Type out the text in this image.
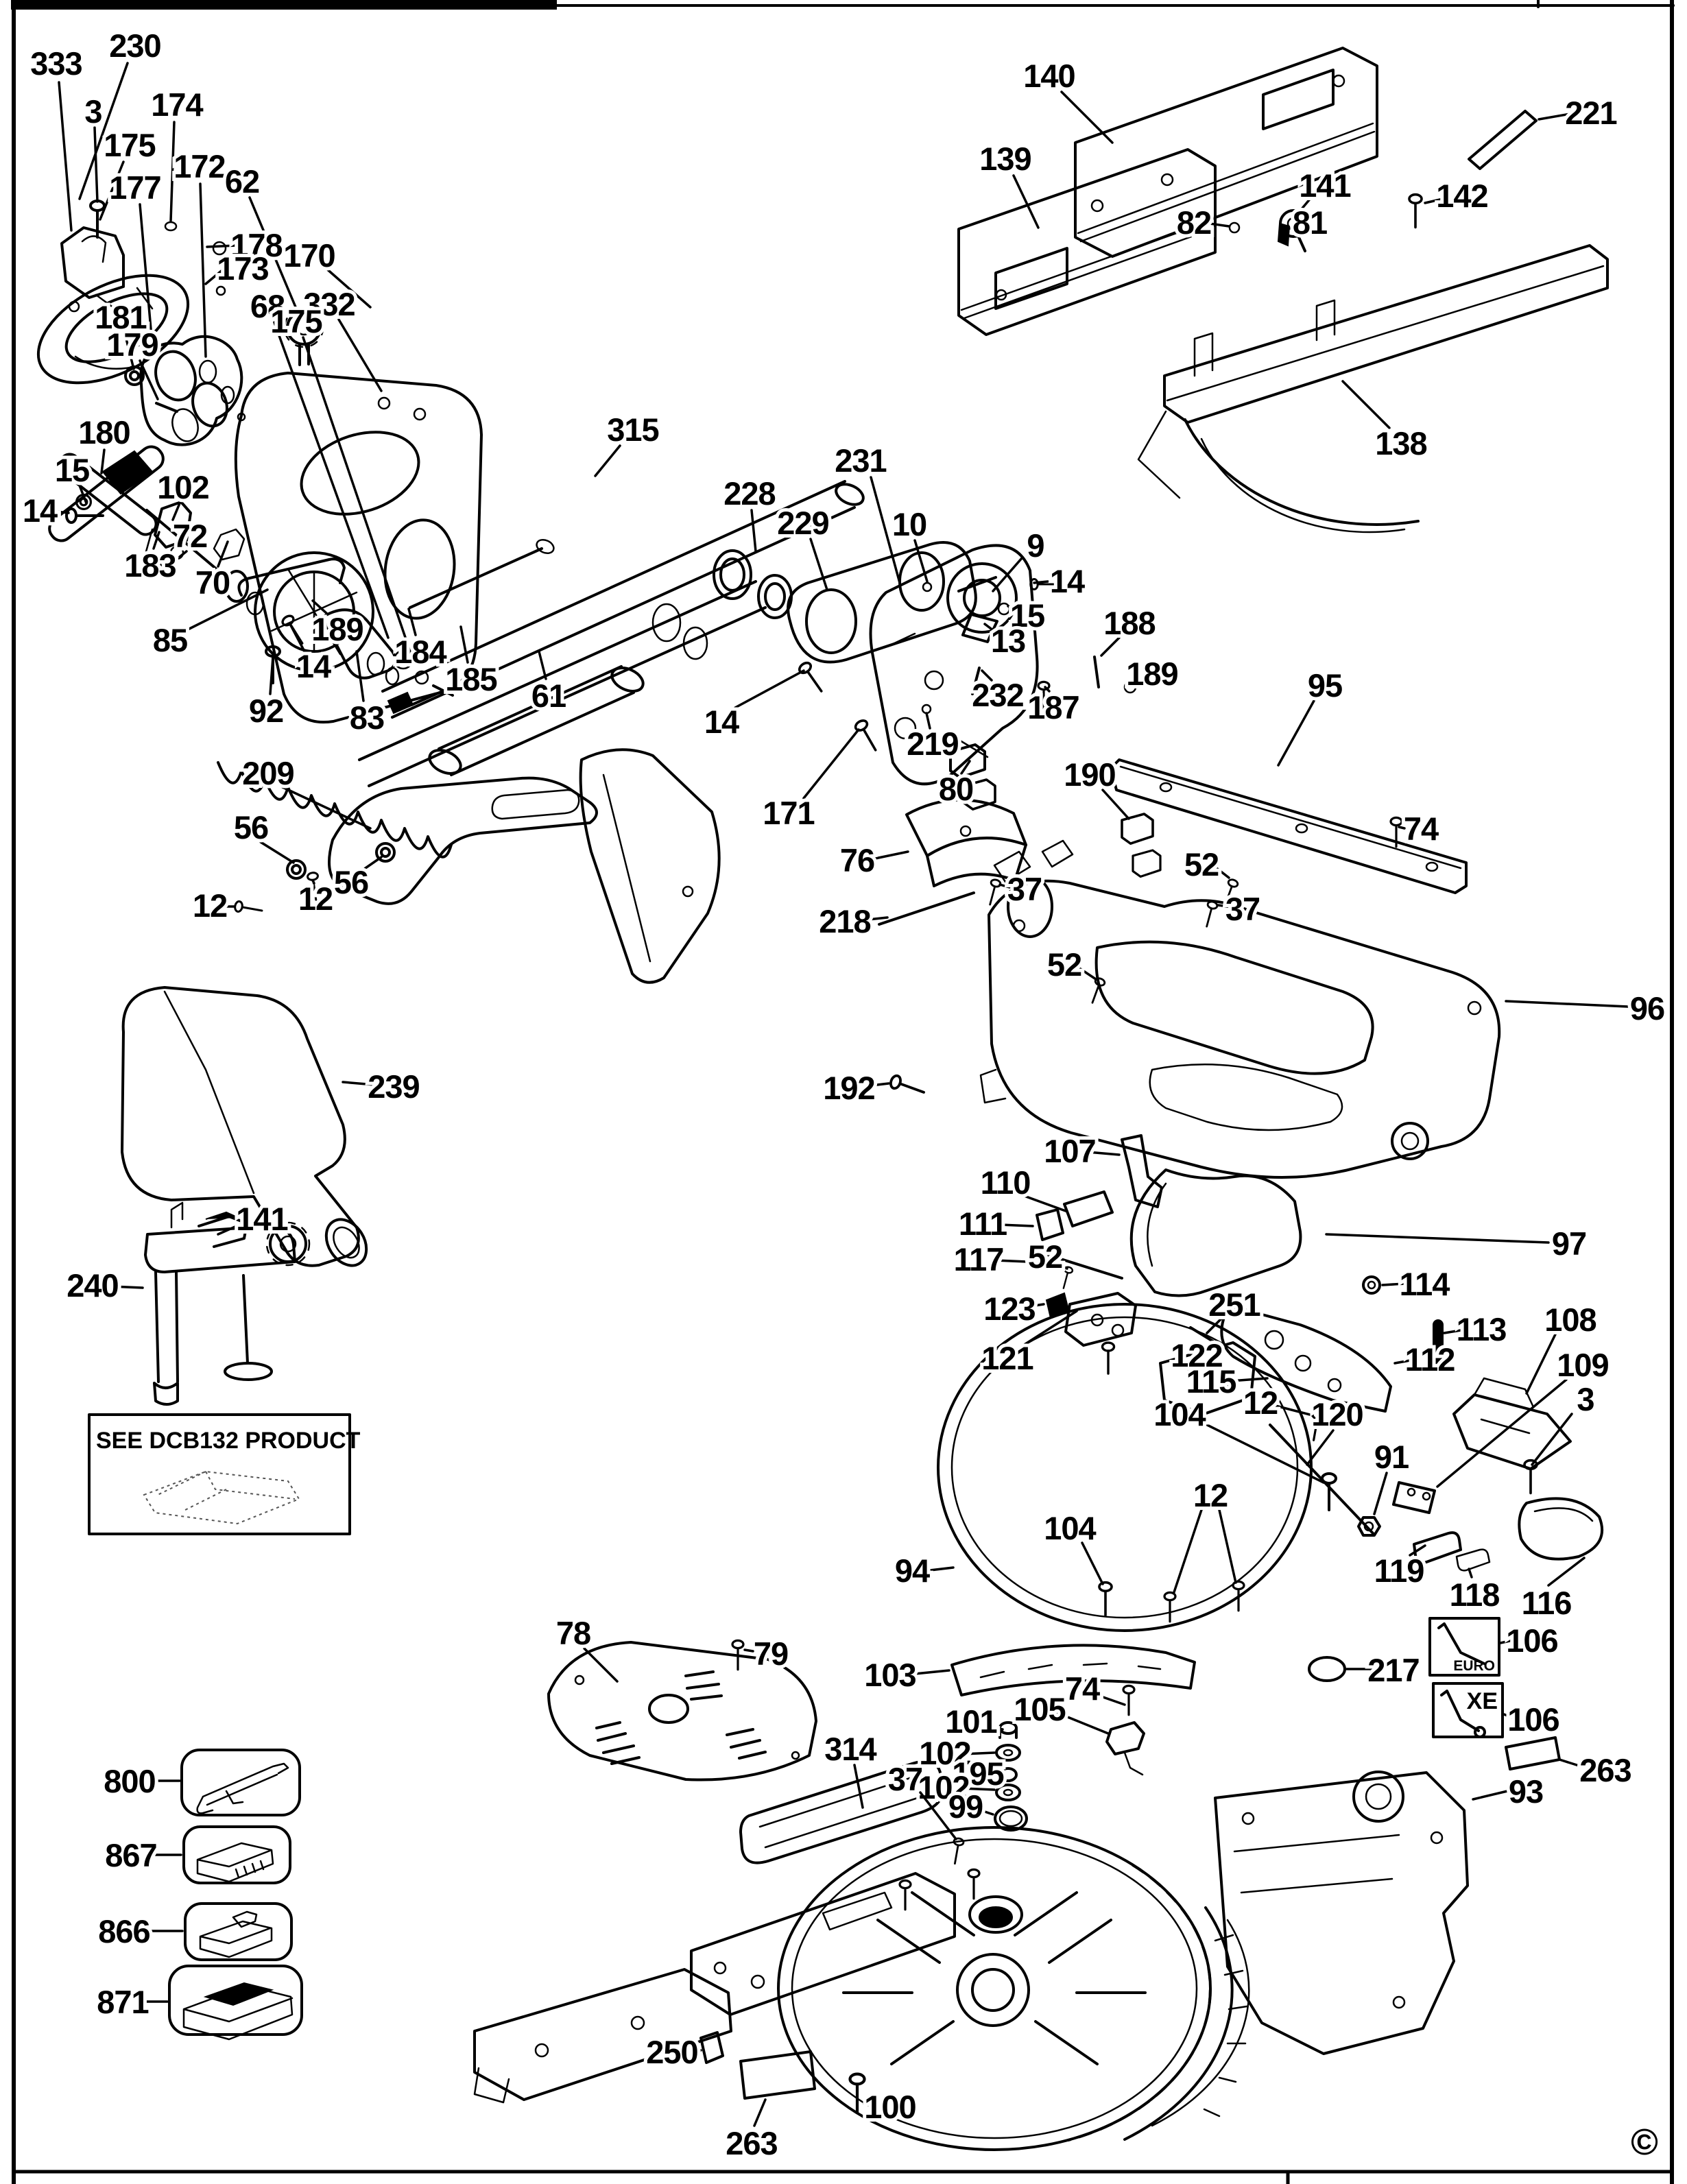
EURO
XE
SEE DCB132 PRODUCT
©
333 230
3 174
175
177
172 62
178
173 170
332
68
175
181
179
180
15
14
102
72
183 70
85	189
14
92 83
184
185 61
315
228
229
231
10
9
14
15
13 188
189
232 187
219
80
171
14
76
218
37
52
192
140
139
221
141
82	81
142
138
95
74
52
37
190
96
107
110
111
117 52
123
121	122
115
12
104	120
112
113
114
97
251
91
108
109
3
119
118 116
94
104
12
103	74
105
101
102
195
102
99
314
37	93
217
106
106
263
250
263
100
209
56
56
12 12
239
141
240
78
79
800
867
866
871
